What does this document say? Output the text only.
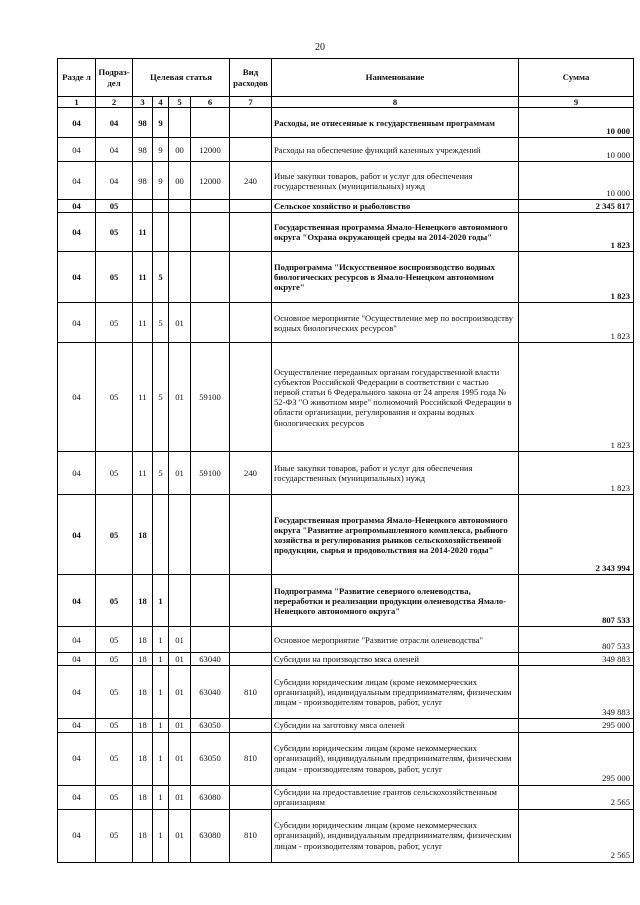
20
Разде л	Подраз- дел	Целевая статья				Вид расходов	Наименование	Сумма
1	2	3	4	5	6	7	8	9
04	04	98	9				Расходы, не отнесенные к государственным программам	10 000
04	04	98	9	00	12000		Расходы на обеспечение функций казенных учреждений	10 000
04	04	98	9	00	12000	240	Иные закупки товаров, работ и услуг для обеспечения государственных (муниципальных) нужд	10 000
04	05						Сельское хозяйство и рыболовство	2 345 817
04	05	11					Государственная программа Ямало-Ненецкого автономного округа "Охрана окружающей среды на 2014-2020 годы"	1 823
04	05	11	5				Подпрограмма "Искусственное воспроизводство водных биологических ресурсов в Ямало-Ненецком автономном округе"	1 823
04	05	11	5	01			Основное мероприятие "Осуществление мер по воспроизводству водных биологических ресурсов"	1 823
04	05	11	5	01	59100		Осуществление переданных органам государственной власти субъектов Российской Федерации в соответствии с частью первой статьи 6 Федерального закона от 24 апреля 1995 года № 52-ФЗ "О животном мире" полномочий Российской Федерации в области организации, регулирования и охраны водных биологических ресурсов	1 823
04	05	11	5	01	59100	240	Иные закупки товаров, работ и услуг для обеспечения государственных (муниципальных) нужд	1 823
04	05	18					Государственная программа Ямало-Ненецкого автономного округа "Развитие агропромышленного комплекса, рыбного хозяйства и регулирования рынков сельскохозяйственной продукции, сырья и продовольствия на 2014-2020 годы"	2 343 994
04	05	18	1				Подпрограмма "Развитие северного оленеводства, переработки и реализации продукции оленеводства Ямало-Ненецкого автономного округа"	807 533
04	05	18	1	01			Основное мероприятие "Развитие отрасли оленеводства"	807 533
04	05	18	1	01	63040		Субсидии на производство мяса оленей	349 883
04	05	18	1	01	63040	810	Субсидии юридическим лицам (кроме некоммерческих организаций), индивидуальным предпринимателям, физическим лицам - производителям товаров, работ, услуг	349 883
04	05	18	1	01	63050		Субсидии на заготовку мяса оленей	295 000
04	05	18	1	01	63050	810	Субсидии юридическим лицам (кроме некоммерческих организаций), индивидуальным предпринимателям, физическим лицам - производителям товаров, работ, услуг	295 000
04	05	18	1	01	63080		Субсидии на предоставление грантов сельскохозяйственным организациям	2 565
04	05	18	1	01	63080	810	Субсидии юридическим лицам (кроме некоммерческих организаций), индивидуальным предпринимателям, физическим лицам - производителям товаров, работ, услуг	2 565
